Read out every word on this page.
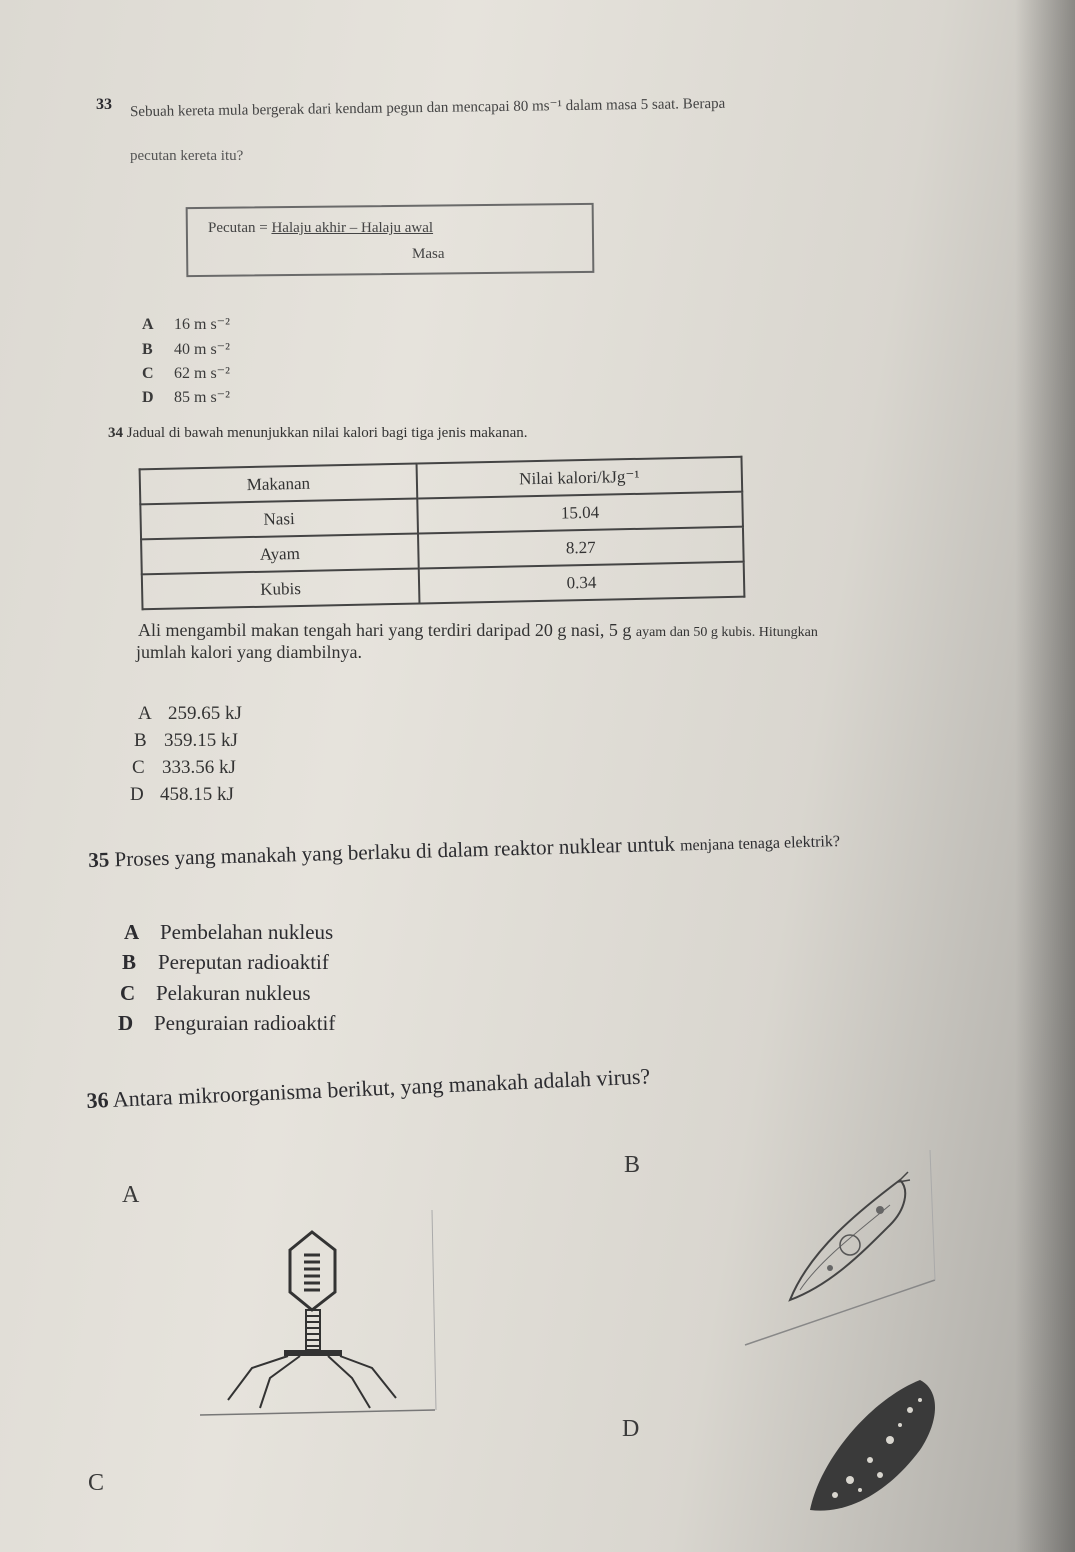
33 Sebuah kereta mula bergerak dari kendam pegun dan mencapai 80 ms⁻¹ dalam masa 5 saat. Berapa
pecutan kereta itu?
Pecutan = Halaju akhir – Halaju awal
Masa
A 16 m s⁻²
B 40 m s⁻²
C 62 m s⁻²
D 85 m s⁻²
34 Jadual di bawah menunjukkan nilai kalori bagi tiga jenis makanan.
Makanan	Nilai kalori/kJg⁻¹
Nasi	15.04
Ayam	8.27
Kubis	0.34
Ali mengambil makan tengah hari yang terdiri daripad 20 g nasi, 5 g ayam dan 50 g kubis. Hitungkan
jumlah kalori yang diambilnya.
A 259.65 kJ
B 359.15 kJ
C 333.56 kJ
D 458.15 kJ
35 Proses yang manakah yang berlaku di dalam reaktor nuklear untuk menjana tenaga elektrik?
A Pembelahan nukleus
B Pereputan radioaktif
C Pelakuran nukleus
D Penguraian radioaktif
36 Antara mikroorganisma berikut, yang manakah adalah virus?
A
B
C
D
